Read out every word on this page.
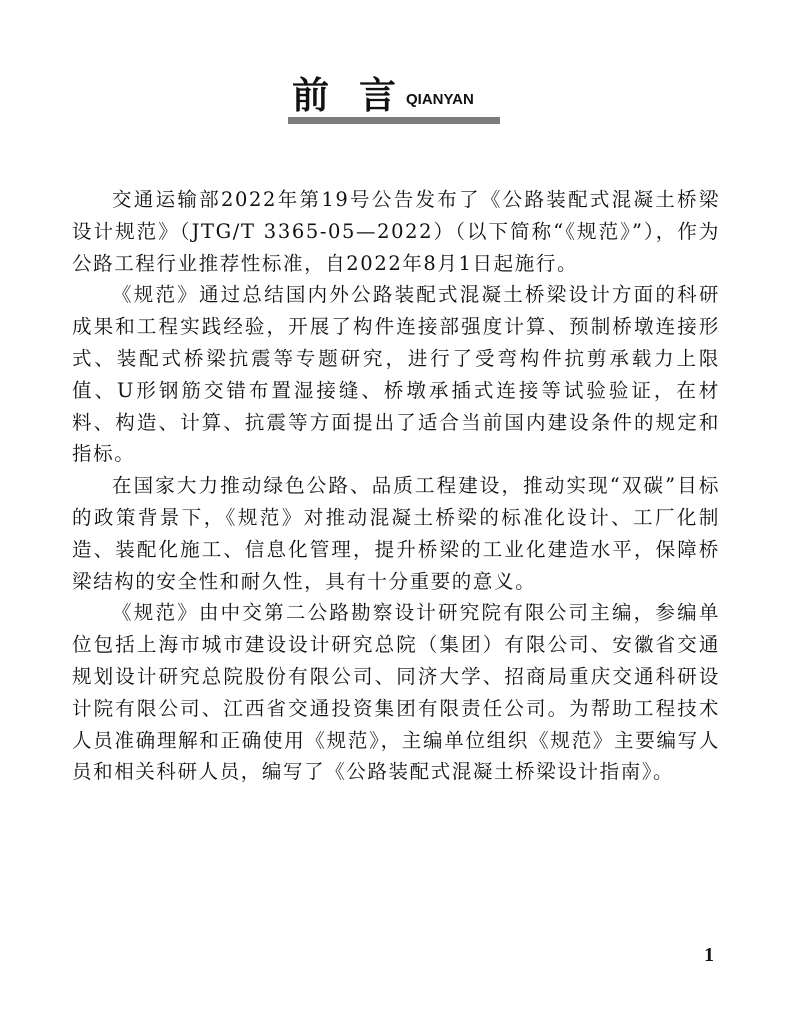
前言
QIANYAN

交通运输部2022年第19号公告发布了《公路装配式混凝土桥梁设计规范》（JTG/T 3365-05—2022）（以下简称“《规范》”），作为公路工程行业推荐性标准，自2022年8月1日起施行。

《规范》通过总结国内外公路装配式混凝土桥梁设计方面的科研成果和工程实践经验，开展了构件连接部强度计算、预制桥墩连接形式、装配式桥梁抗震等专题研究，进行了受弯构件抗剪承载力上限值、U形钢筋交错布置湿接缝、桥墩承插式连接等试验验证，在材料、构造、计算、抗震等方面提出了适合当前国内建设条件的规定和指标。

在国家大力推动绿色公路、品质工程建设，推动实现“双碳”目标的政策背景下，《规范》对推动混凝土桥梁的标准化设计、工厂化制造、装配化施工、信息化管理，提升桥梁的工业化建造水平，保障桥梁结构的安全性和耐久性，具有十分重要的意义。

《规范》由中交第二公路勘察设计研究院有限公司主编，参编单位包括上海市城市建设设计研究总院（集团）有限公司、安徽省交通规划设计研究总院股份有限公司、同济大学、招商局重庆交通科研设计院有限公司、江西省交通投资集团有限责任公司。为帮助工程技术人员准确理解和正确使用《规范》，主编单位组织《规范》主要编写人员和相关科研人员，编写了《公路装配式混凝土桥梁设计指南》。

1
